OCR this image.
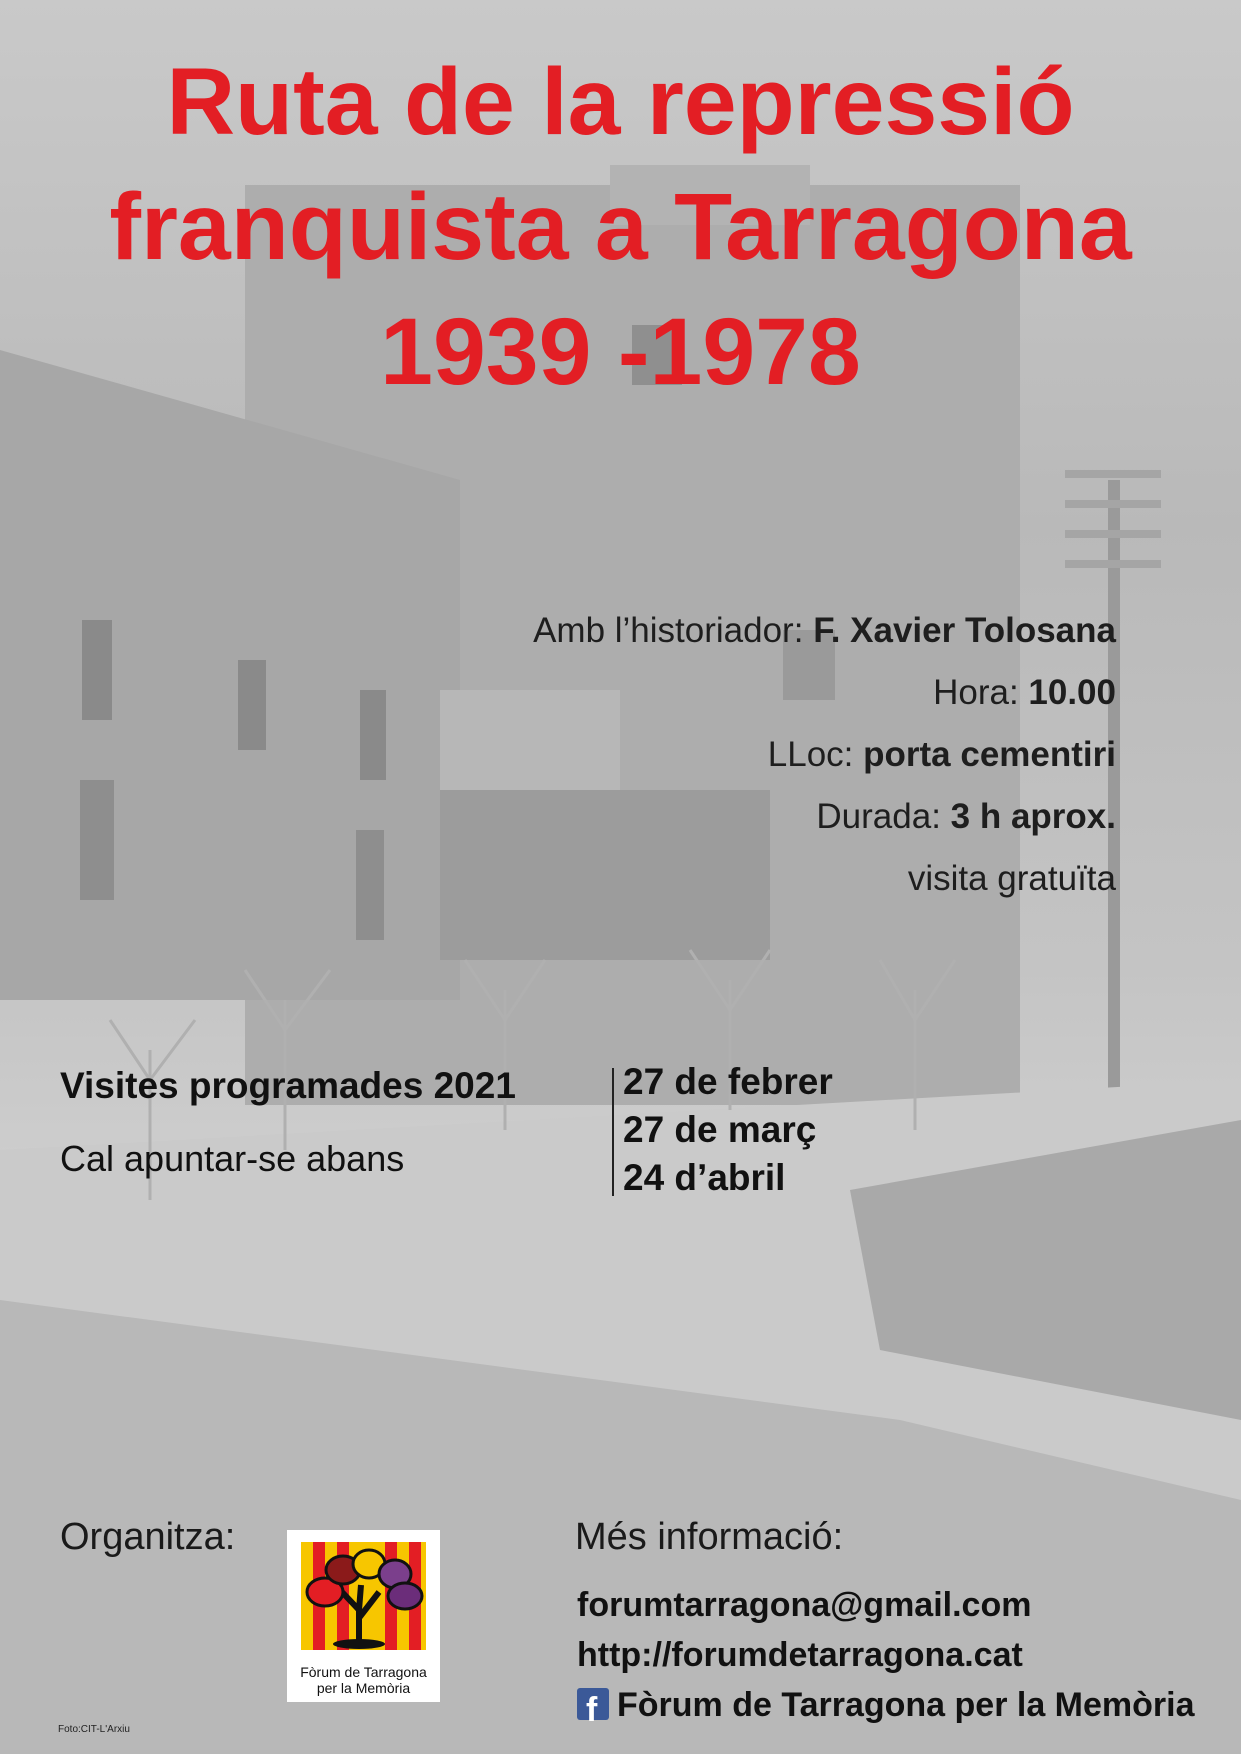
Ruta de la repressió
franquista a Tarragona
1939 -1978
Amb l’historiador: F. Xavier Tolosana
Hora: 10.00
LLoc: porta cementiri
Durada: 3 h aprox.
visita gratuïta
Visites programades 2021
Cal apuntar-se abans
27 de febrer
27 de març
24 d’abril
Organitza:
Fòrum de Tarragona
per la Memòria
Més informació:
forumtarragona@gmail.com
http://forumdetarragona.cat
fFòrum de Tarragona per la Memòria
Foto:CIT-L'Arxiu
